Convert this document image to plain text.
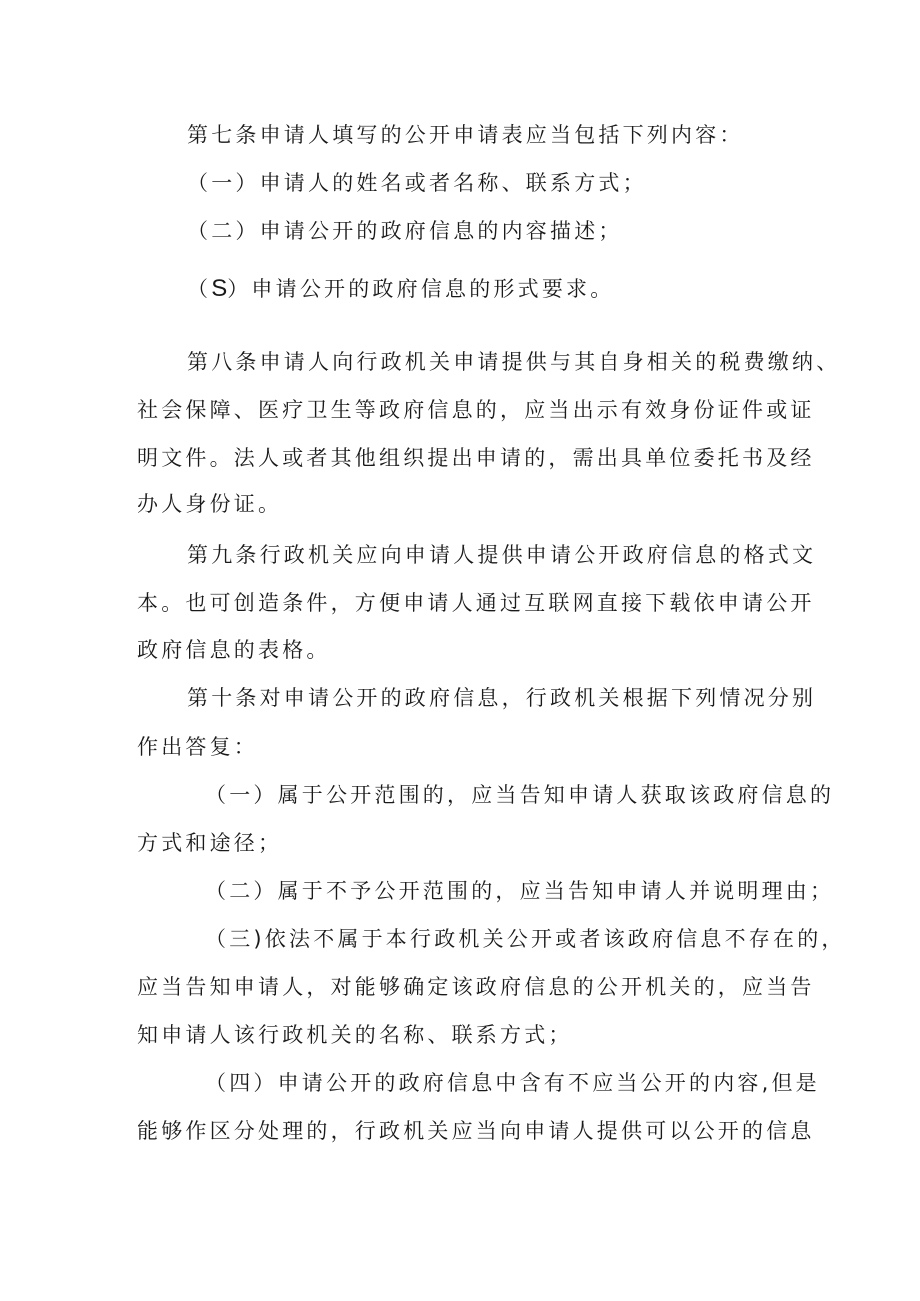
第七条申请人填写的公开申请表应当包括下列内容：
（一）申请人的姓名或者名称、联系方式；
（二）申请公开的政府信息的内容描述；
（S）申请公开的政府信息的形式要求。
第八条申请人向行政机关申请提供与其自身相关的税费缴纳、
社会保障、医疗卫生等政府信息的，应当出示有效身份证件或证
明文件。法人或者其他组织提出申请的，需出具单位委托书及经
办人身份证。
第九条行政机关应向申请人提供申请公开政府信息的格式文
本。也可创造条件，方便申请人通过互联网直接下载依申请公开
政府信息的表格。
第十条对申请公开的政府信息，行政机关根据下列情况分别
作出答复：
（一）属于公开范围的，应当告知申请人获取该政府信息的
方式和途径；
（二）属于不予公开范围的，应当告知申请人并说明理由；
（三)依法不属于本行政机关公开或者该政府信息不存在的，
应当告知申请人，对能够确定该政府信息的公开机关的，应当告
知申请人该行政机关的名称、联系方式；
（四）申请公开的政府信息中含有不应当公开的内容,但是
能够作区分处理的，行政机关应当向申请人提供可以公开的信息
